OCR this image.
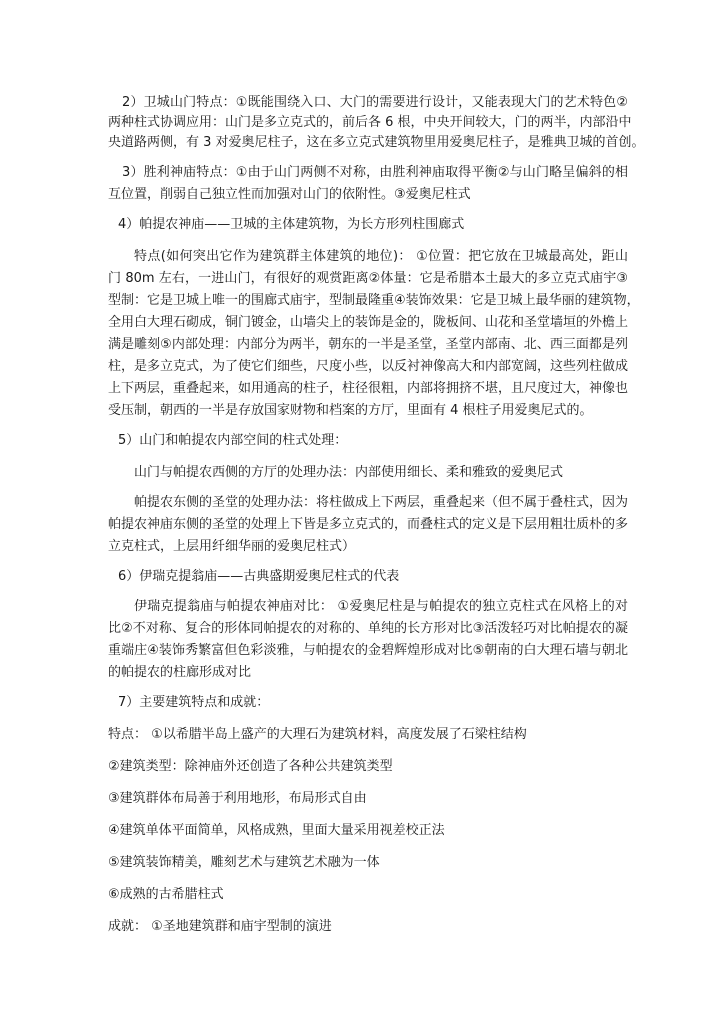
2）卫城山门特点：①既能围绕入口、大门的需要进行设计，又能表现大门的艺术特色②
两种柱式协调应用：山门是多立克式的，前后各 6 根，中央开间较大，门的两半，内部沿中
央道路两侧，有 3 对爱奥尼柱子，这在多立克式建筑物里用爱奥尼柱子，是雅典卫城的首创。
3）胜利神庙特点：①由于山门两侧不对称，由胜利神庙取得平衡②与山门略呈偏斜的相
互位置，削弱自己独立性而加强对山门的依附性。③爱奥尼柱式
4）帕提农神庙——卫城的主体建筑物，为长方形列柱围廊式
特点(如何突出它作为建筑群主体建筑的地位)： ①位置：把它放在卫城最高处，距山
门 80m 左右，一进山门，有很好的观赏距离②体量：它是希腊本土最大的多立克式庙宇③
型制：它是卫城上唯一的围廊式庙宇，型制最隆重④装饰效果：它是卫城上最华丽的建筑物，
全用白大理石砌成，铜门镀金，山墙尖上的装饰是金的，陇板间、山花和圣堂墙垣的外檐上
满是雕刻⑤内部处理：内部分为两半，朝东的一半是圣堂，圣堂内部南、北、西三面都是列
柱，是多立克式，为了使它们细些，尺度小些，以反衬神像高大和内部宽阔，这些列柱做成
上下两层，重叠起来，如用通高的柱子，柱径很粗，内部将拥挤不堪，且尺度过大，神像也
受压制，朝西的一半是存放国家财物和档案的方厅，里面有 4 根柱子用爱奥尼式的。
5）山门和帕提农内部空间的柱式处理：
山门与帕提农西侧的方厅的处理办法：内部使用细长、柔和雅致的爱奥尼式
帕提农东侧的圣堂的处理办法：将柱做成上下两层，重叠起来（但不属于叠柱式，因为
帕提农神庙东侧的圣堂的处理上下皆是多立克式的，而叠柱式的定义是下层用粗壮质朴的多
立克柱式，上层用纤细华丽的爱奥尼柱式）
6）伊瑞克提翁庙——古典盛期爱奥尼柱式的代表
伊瑞克提翁庙与帕提农神庙对比： ①爱奥尼柱是与帕提农的独立克柱式在风格上的对
比②不对称、复合的形体同帕提农的对称的、单纯的长方形对比③活泼轻巧对比帕提农的凝
重端庄④装饰秀繁富但色彩淡雅，与帕提农的金碧辉煌形成对比⑤朝南的白大理石墙与朝北
的帕提农的柱廊形成对比
7）主要建筑特点和成就：
特点： ①以希腊半岛上盛产的大理石为建筑材料，高度发展了石梁柱结构
②建筑类型：除神庙外还创造了各种公共建筑类型
③建筑群体布局善于利用地形，布局形式自由
④建筑单体平面简单，风格成熟，里面大量采用视差校正法
⑤建筑装饰精美，雕刻艺术与建筑艺术融为一体
⑥成熟的古希腊柱式
成就： ①圣地建筑群和庙宇型制的演进
